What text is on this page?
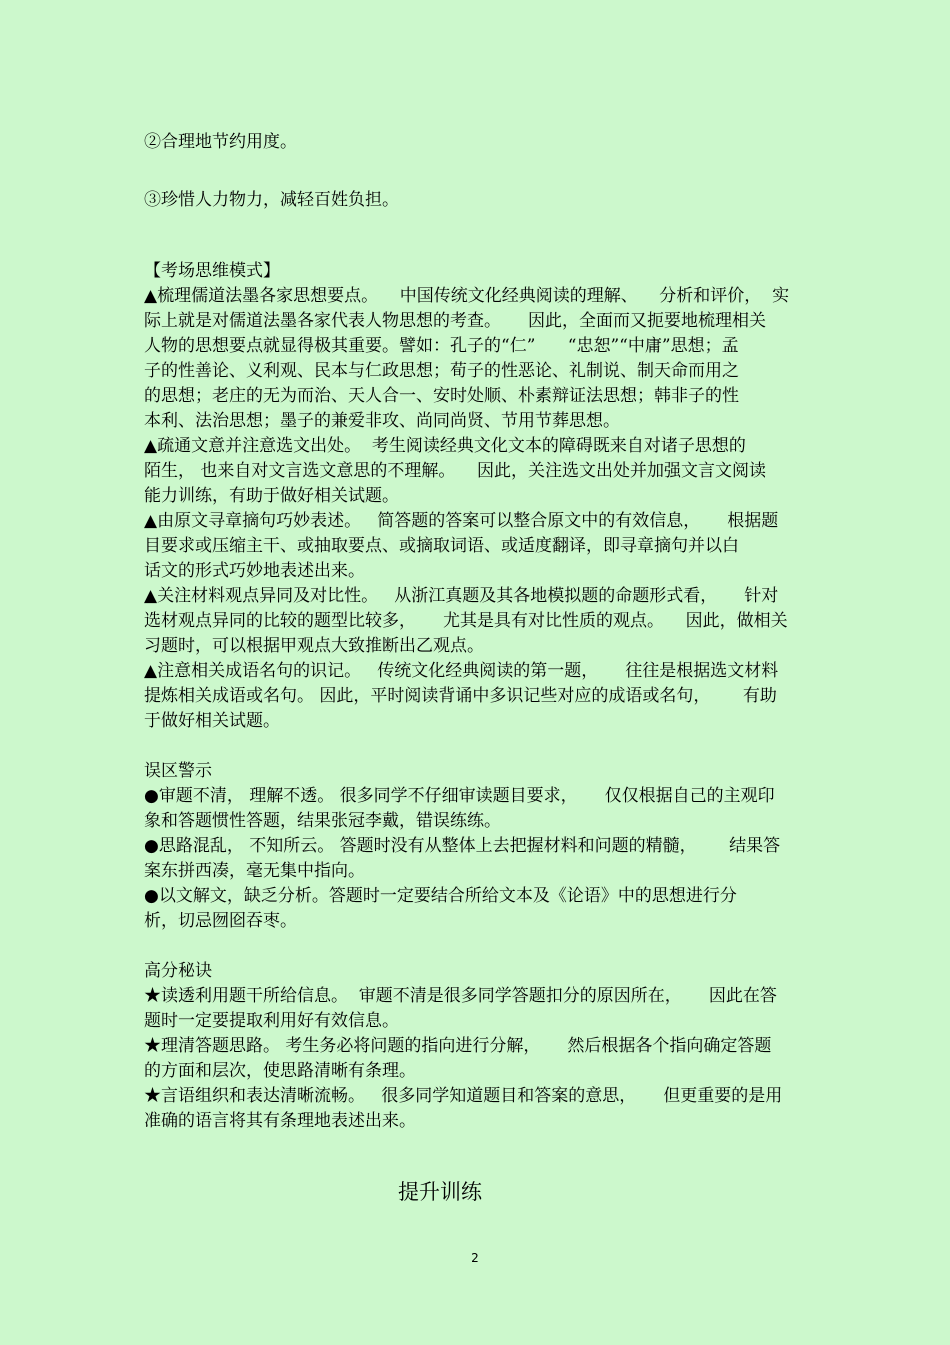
②合理地节约用度。
③珍惜人力物力，减轻百姓负担。
【考场思维模式】
▲梳理儒道法墨各家思想要点。    中国传统文化经典阅读的理解、    分析和评价，  实
际上就是对儒道法墨各家代表人物思想的考查。     因此，全面而又扼要地梳理相关
人物的思想要点就显得极其重要。譬如：孔子的“仁”      “忠恕”“中庸”思想；孟
子的性善论、义利观、民本与仁政思想；荀子的性恶论、礼制说、制天命而用之
的思想；老庄的无为而治、天人合一、安时处顺、朴素辩证法思想；韩非子的性
本利、法治思想；墨子的兼爱非攻、尚同尚贤、节用节葬思想。
▲疏通文意并注意选文出处。  考生阅读经典文化文本的障碍既来自对诸子思想的
陌生， 也来自对文言选文意思的不理解。    因此，关注选文出处并加强文言文阅读
能力训练，有助于做好相关试题。
▲由原文寻章摘句巧妙表述。   简答题的答案可以整合原文中的有效信息，     根据题
目要求或压缩主干、或抽取要点、或摘取词语、或适度翻译，即寻章摘句并以白
话文的形式巧妙地表述出来。
▲关注材料观点异同及对比性。   从浙江真题及其各地模拟题的命题形式看，     针对
选材观点异同的比较的题型比较多，     尤其是具有对比性质的观点。    因此，做相关
习题时，可以根据甲观点大致推断出乙观点。
▲注意相关成语名句的识记。   传统文化经典阅读的第一题，     往往是根据选文材料
提炼相关成语或名句。 因此，平时阅读背诵中多识记些对应的成语或名句，      有助
于做好相关试题。
误区警示
●审题不清， 理解不透。 很多同学不仔细审读题目要求，     仅仅根据自己的主观印
象和答题惯性答题，结果张冠李戴，错误练练。
●思路混乱， 不知所云。 答题时没有从整体上去把握材料和问题的精髓，      结果答
案东拼西凑，毫无集中指向。
●以文解文，缺乏分析。答题时一定要结合所给文本及《论语》中的思想进行分
析，切忌囫囵吞枣。
高分秘诀
★读透利用题干所给信息。  审题不清是很多同学答题扣分的原因所在，     因此在答
题时一定要提取利用好有效信息。
★理清答题思路。 考生务必将问题的指向进行分解，     然后根据各个指向确定答题
的方面和层次，使思路清晰有条理。
★言语组织和表达清晰流畅。   很多同学知道题目和答案的意思，     但更重要的是用
准确的语言将其有条理地表述出来。
提升训练
2
